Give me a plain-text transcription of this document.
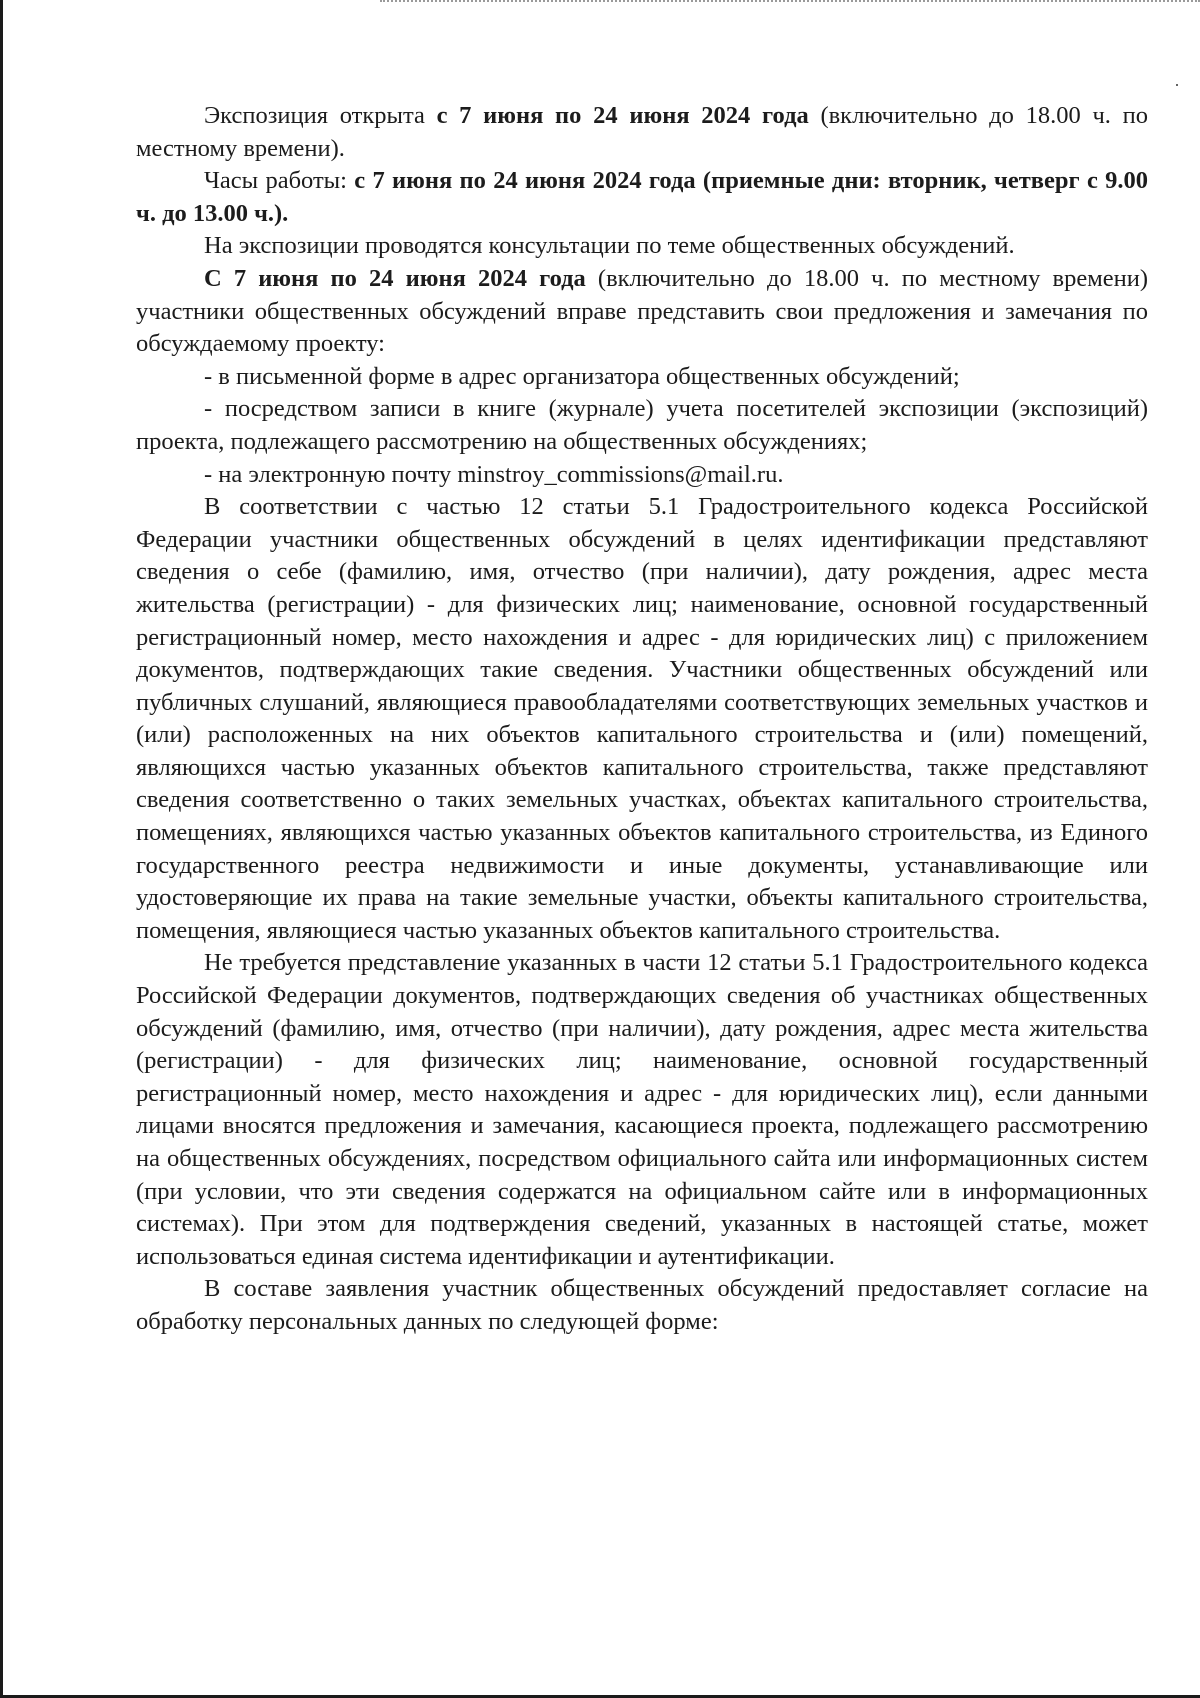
Экспозиция открыта с 7 июня по 24 июня 2024 года (включительно до 18.00 ч. по местному времени).

Часы работы: с 7 июня по 24 июня 2024 года (приемные дни: вторник, четверг с 9.00 ч. до 13.00 ч.).

На экспозиции проводятся консультации по теме общественных обсуждений.

С 7 июня по 24 июня 2024 года (включительно до 18.00 ч. по местному времени) участники общественных обсуждений вправе представить свои предложения и замечания по обсуждаемому проекту:

- в письменной форме в адрес организатора общественных обсуждений;

- посредством записи в книге (журнале) учета посетителей экспозиции (экспозиций) проекта, подлежащего рассмотрению на общественных обсуждениях;

- на электронную почту minstroy_commissions@mail.ru.

В соответствии с частью 12 статьи 5.1 Градостроительного кодекса Российской Федерации участники общественных обсуждений в целях идентификации представляют сведения о себе (фамилию, имя, отчество (при наличии), дату рождения, адрес места жительства (регистрации) - для физических лиц; наименование, основной государственный регистрационный номер, место нахождения и адрес - для юридических лиц) с приложением документов, подтверждающих такие сведения. Участники общественных обсуждений или публичных слушаний, являющиеся правообладателями соответствующих земельных участков и (или) расположенных на них объектов капитального строительства и (или) помещений, являющихся частью указанных объектов капитального строительства, также представляют сведения соответственно о таких земельных участках, объектах капитального строительства, помещениях, являющихся частью указанных объектов капитального строительства, из Единого государственного реестра недвижимости и иные документы, устанавливающие или удостоверяющие их права на такие земельные участки, объекты капитального строительства, помещения, являющиеся частью указанных объектов капитального строительства.

Не требуется представление указанных в части 12 статьи 5.1 Градостроительного кодекса Российской Федерации документов, подтверждающих сведения об участниках общественных обсуждений (фамилию, имя, отчество (при наличии), дату рождения, адрес места жительства (регистрации) - для физических лиц; наименование, основной государственный регистрационный номер, место нахождения и адрес - для юридических лиц), если данными лицами вносятся предложения и замечания, касающиеся проекта, подлежащего рассмотрению на общественных обсуждениях, посредством официального сайта или информационных систем (при условии, что эти сведения содержатся на официальном сайте или в информационных системах). При этом для подтверждения сведений, указанных в настоящей статье, может использоваться единая система идентификации и аутентификации.

В составе заявления участник общественных обсуждений предоставляет согласие на обработку персональных данных по следующей форме:
